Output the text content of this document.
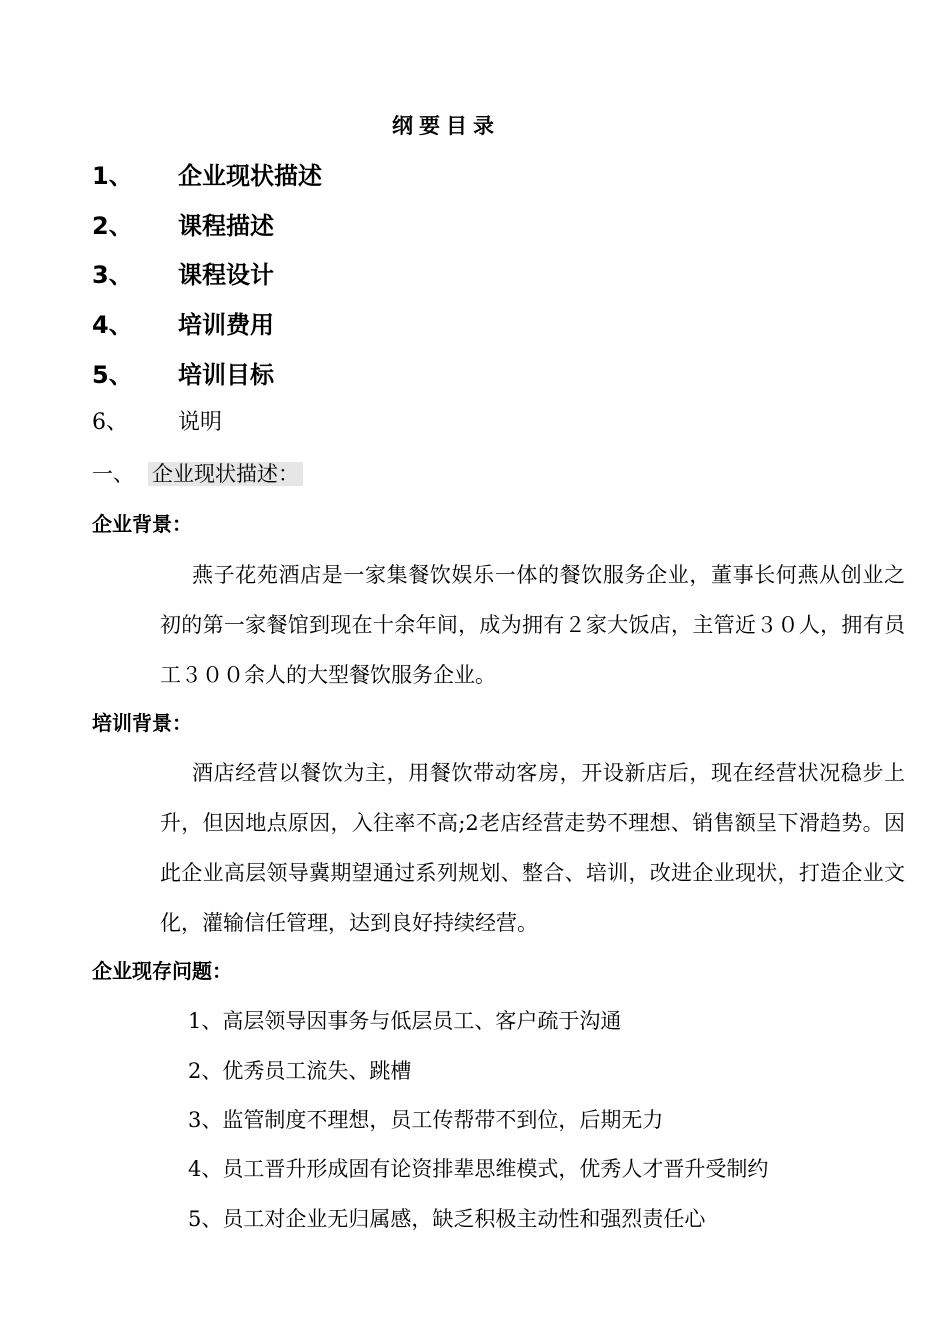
纲要目录
1、 企业现状描述
2、 课程描述
3、 课程设计
4、 培训费用
5、 培训目标
6、 说明
一、 企业现状描述：
企业背景：
燕子花苑酒店是一家集餐饮娱乐一体的餐饮服务企业，董事长何燕从创业之初的第一家餐馆到现在十余年间，成为拥有２家大饭店，主管近３０人，拥有员工３００余人的大型餐饮服务企业。
培训背景：
酒店经营以餐饮为主，用餐饮带动客房，开设新店后，现在经营状况稳步上升，但因地点原因，入往率不高;2老店经营走势不理想、销售额呈下滑趋势。因此企业高层领导冀期望通过系列规划、整合、培训，改进企业现状，打造企业文化，灌输信任管理，达到良好持续经营。
企业现存问题：
1、高层领导因事务与低层员工、客户疏于沟通
2、优秀员工流失、跳槽
3、监管制度不理想，员工传帮带不到位，后期无力
4、员工晋升形成固有论资排辈思维模式，优秀人才晋升受制约
5、员工对企业无归属感，缺乏积极主动性和强烈责任心
